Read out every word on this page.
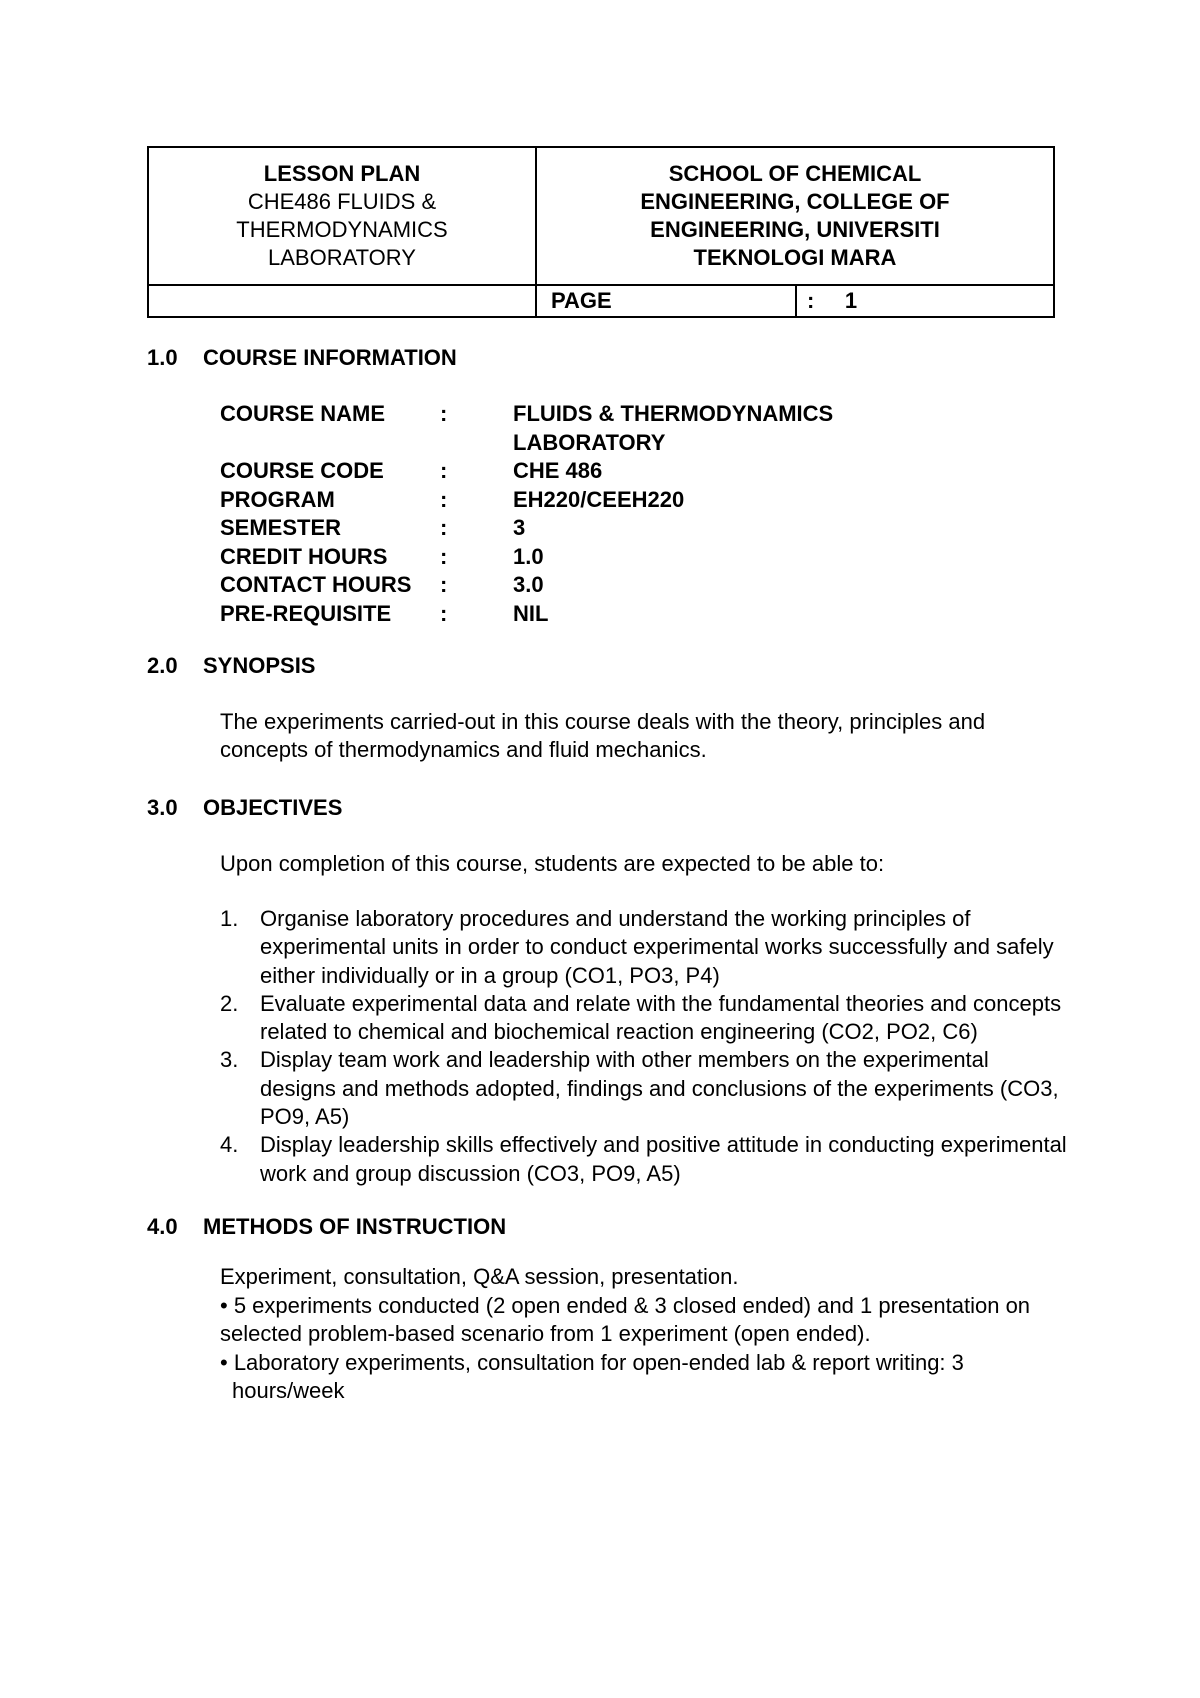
LESSON PLAN
CHE486 FLUIDS &
THERMODYNAMICS
LABORATORY
SCHOOL OF CHEMICAL
ENGINEERING, COLLEGE OF
ENGINEERING, UNIVERSITI
TEKNOLOGI MARA
PAGE	:     1
1.0 COURSE INFORMATION
COURSE NAME	:	FLUIDS & THERMODYNAMICS
LABORATORY
COURSE CODE	:	CHE 486
PROGRAM	:	EH220/CEEH220
SEMESTER	:	3
CREDIT HOURS	:	1.0
CONTACT HOURS	:	3.0
PRE-REQUISITE	:	NIL
2.0 SYNOPSIS
The experiments carried-out in this course deals with the theory, principles and
concepts of thermodynamics and fluid mechanics.
3.0 OBJECTIVES
Upon completion of this course, students are expected to be able to:
1. Organise laboratory procedures and understand the working principles of
experimental units in order to conduct experimental works successfully and safely
either individually or in a group (CO1, PO3, P4)
2. Evaluate experimental data and relate with the fundamental theories and concepts
related to chemical and biochemical reaction engineering (CO2, PO2, C6)
3. Display team work and leadership with other members on the experimental
designs and methods adopted, findings and conclusions of the experiments (CO3,
PO9, A5)
4. Display leadership skills effectively and positive attitude in conducting experimental
work and group discussion (CO3, PO9, A5)
4.0 METHODS OF INSTRUCTION
Experiment, consultation, Q&A session, presentation.
• 5 experiments conducted (2 open ended & 3 closed ended) and 1 presentation on
selected problem-based scenario from 1 experiment (open ended).
• Laboratory experiments, consultation for open-ended lab & report writing: 3
hours/week
